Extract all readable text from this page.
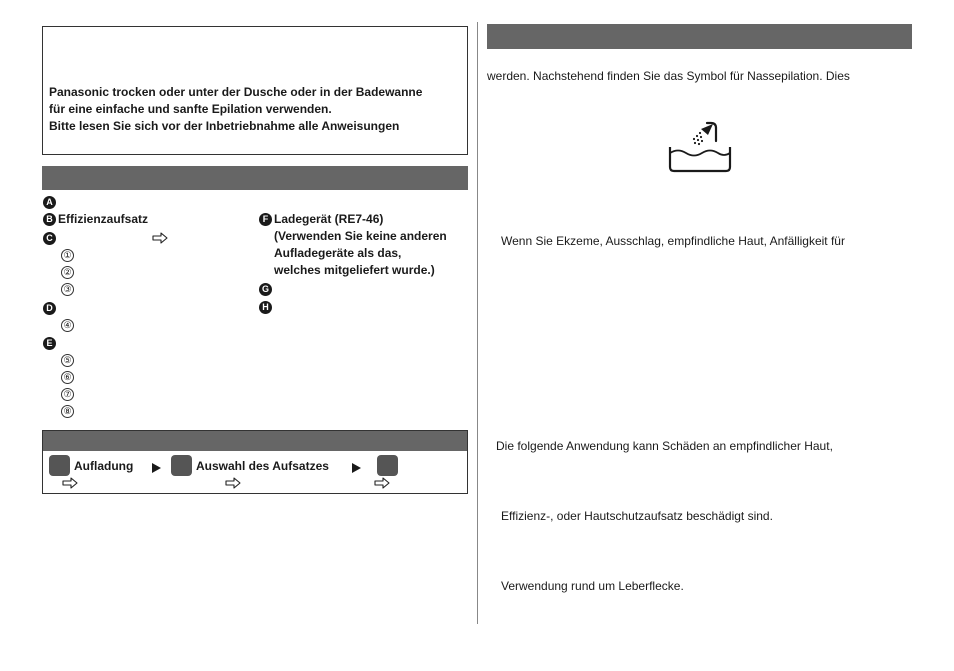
Panasonic trocken oder unter der Dusche oder in der Badewanne
für eine einfache und sanfte Epilation verwenden.
Bitte lesen Sie sich vor der Inbetriebnahme alle Anweisungen
A
B Effizienzaufsatz
C
①
②
③
D
④
E
⑤
⑥
⑦
⑧
F Ladegerät (RE7-46)
(Verwenden Sie keine anderen
Aufladegeräte als das,
welches mitgeliefert wurde.)
G
H
Aufladung	Auswahl des Aufsatzes
werden. Nachstehend finden Sie das Symbol für Nassepilation. Dies
Wenn Sie Ekzeme, Ausschlag, empfindliche Haut, Anfälligkeit für
Die folgende Anwendung kann Schäden an empfindlicher Haut,
Effizienz-, oder Hautschutzaufsatz beschädigt sind.
Verwendung rund um Leberflecke.
